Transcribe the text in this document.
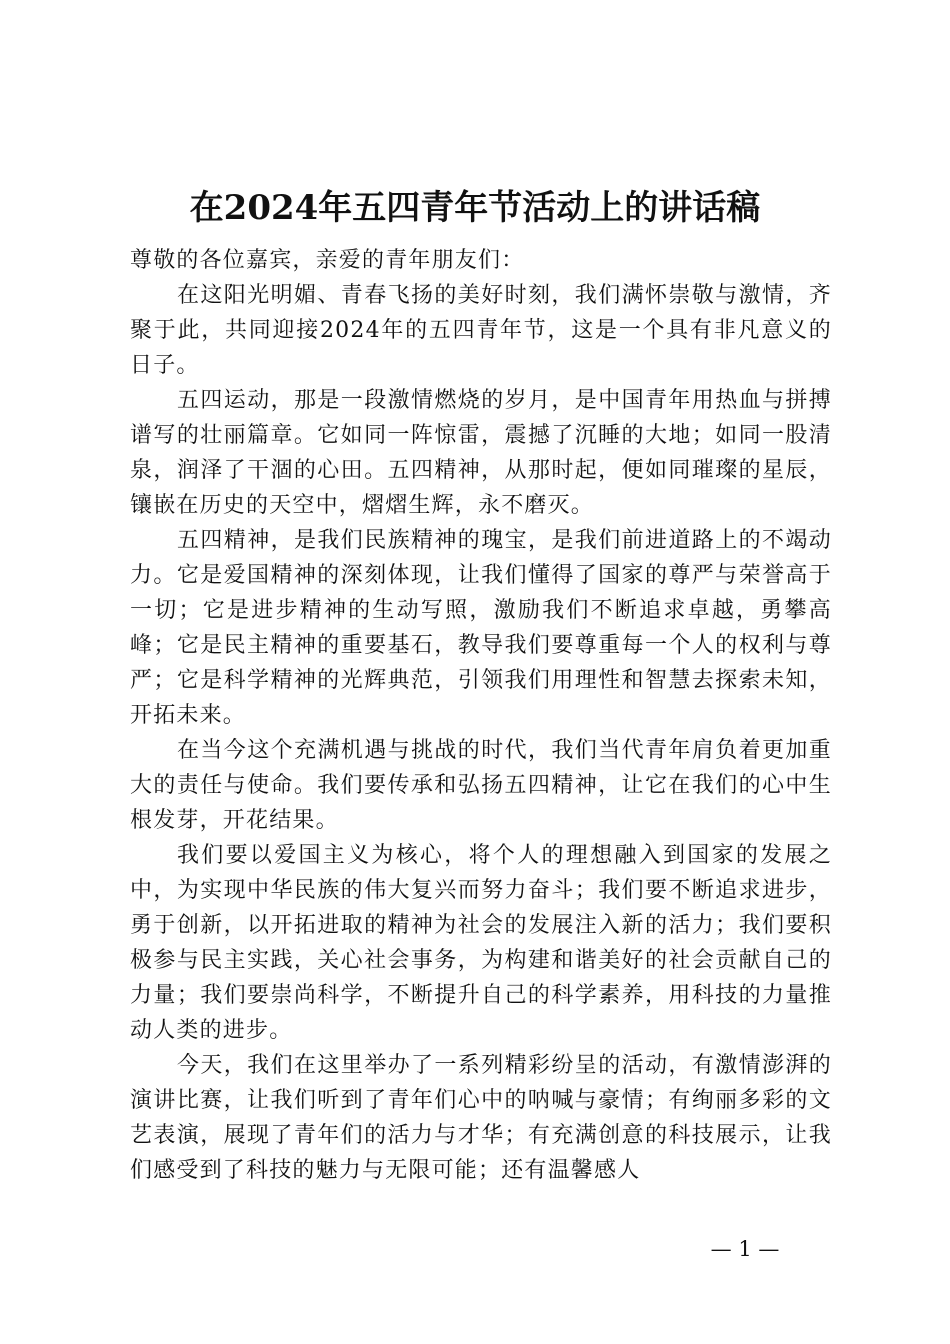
在2024年五四青年节活动上的讲话稿

尊敬的各位嘉宾，亲爱的青年朋友们：

在这阳光明媚、青春飞扬的美好时刻，我们满怀崇敬与激情，齐聚于此，共同迎接2024年的五四青年节，这是一个具有非凡意义的日子。

五四运动，那是一段激情燃烧的岁月，是中国青年用热血与拼搏谱写的壮丽篇章。它如同一阵惊雷，震撼了沉睡的大地；如同一股清泉，润泽了干涸的心田。五四精神，从那时起，便如同璀璨的星辰，镶嵌在历史的天空中，熠熠生辉，永不磨灭。

五四精神，是我们民族精神的瑰宝，是我们前进道路上的不竭动力。它是爱国精神的深刻体现，让我们懂得了国家的尊严与荣誉高于一切；它是进步精神的生动写照，激励我们不断追求卓越，勇攀高峰；它是民主精神的重要基石，教导我们要尊重每一个人的权利与尊严；它是科学精神的光辉典范，引领我们用理性和智慧去探索未知，开拓未来。

在当今这个充满机遇与挑战的时代，我们当代青年肩负着更加重大的责任与使命。我们要传承和弘扬五四精神，让它在我们的心中生根发芽，开花结果。

我们要以爱国主义为核心，将个人的理想融入到国家的发展之中，为实现中华民族的伟大复兴而努力奋斗；我们要不断追求进步，勇于创新，以开拓进取的精神为社会的发展注入新的活力；我们要积极参与民主实践，关心社会事务，为构建和谐美好的社会贡献自己的力量；我们要崇尚科学，不断提升自己的科学素养，用科技的力量推动人类的进步。

今天，我们在这里举办了一系列精彩纷呈的活动，有激情澎湃的演讲比赛，让我们听到了青年们心中的呐喊与豪情；有绚丽多彩的文艺表演，展现了青年们的活力与才华；有充满创意的科技展示，让我们感受到了科技的魅力与无限可能；还有温馨感人

— 1 —
